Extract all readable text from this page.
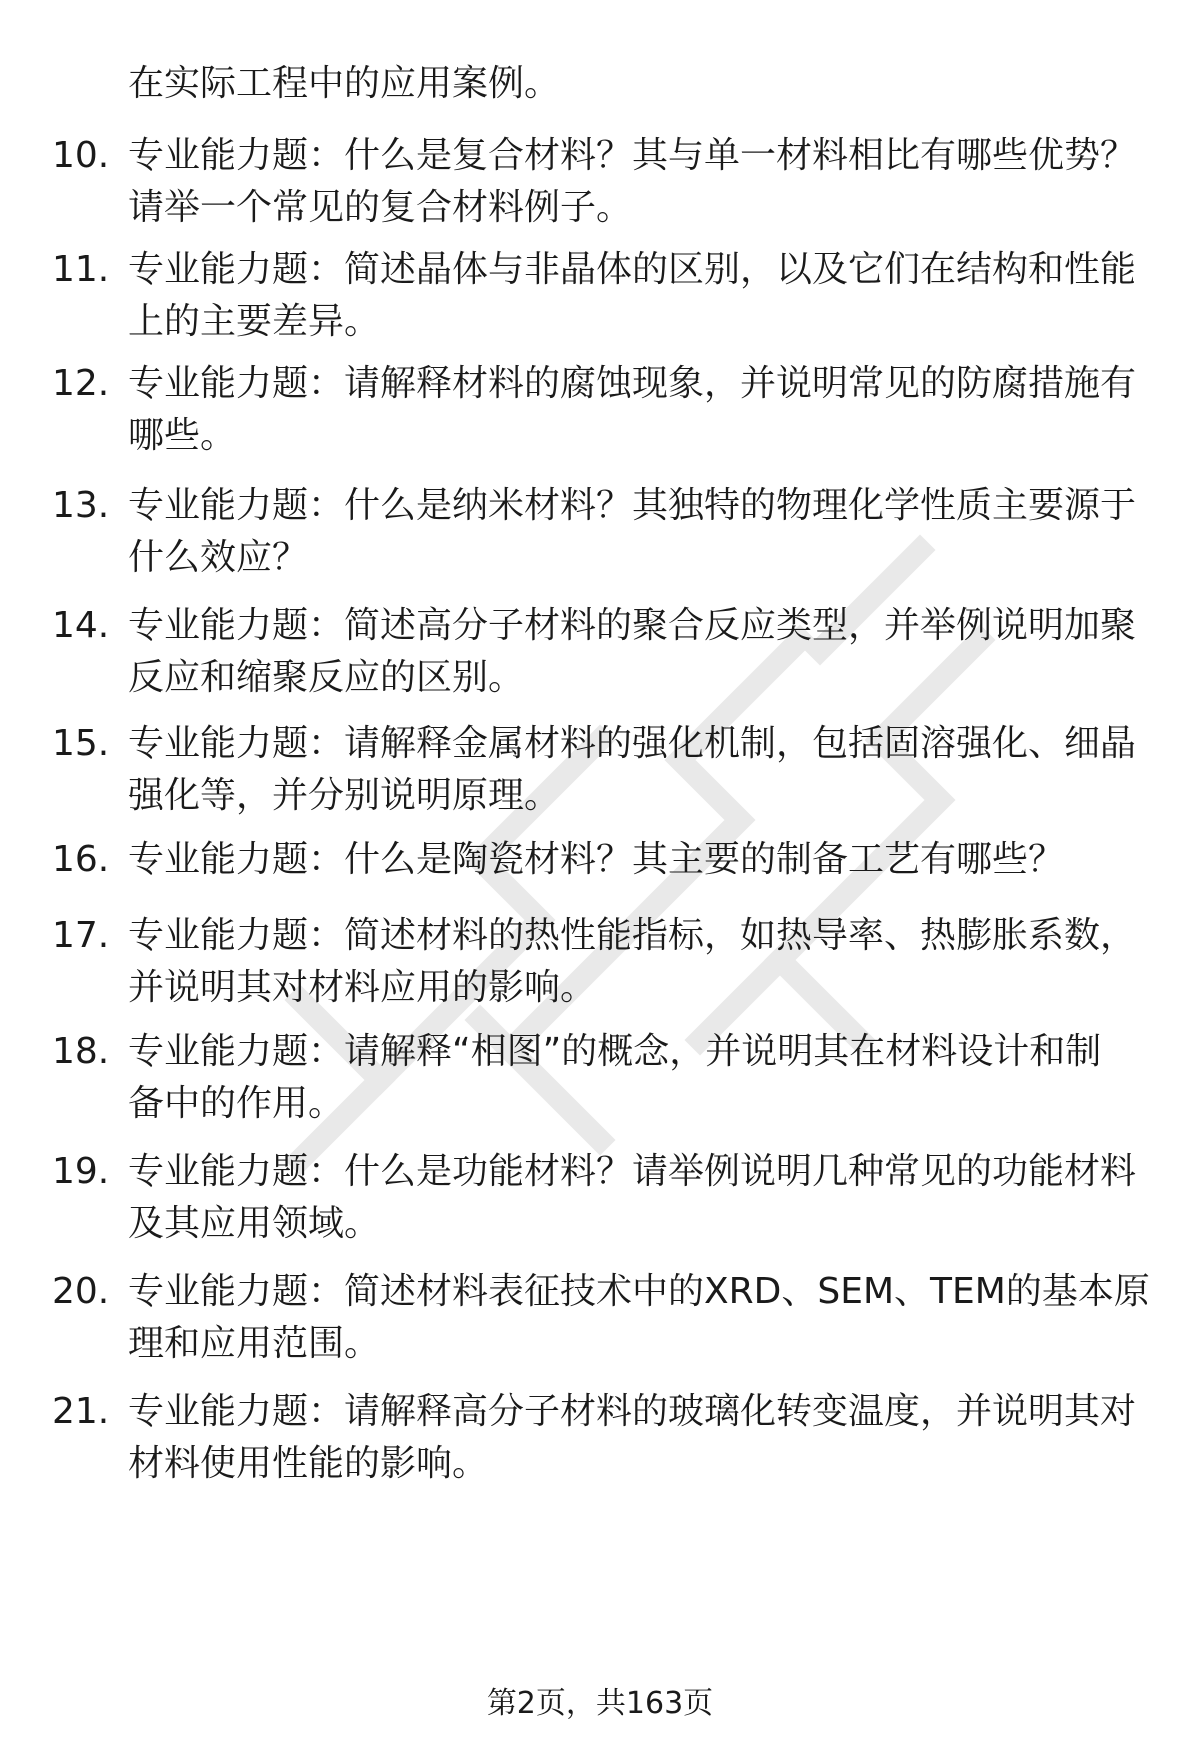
在实际工程中的应用案例。
10. 专业能力题：什么是复合材料？其与单一材料相比有哪些优势？
请举一个常见的复合材料例子。
11. 专业能力题：简述晶体与非晶体的区别，以及它们在结构和性能
上的主要差异。
12. 专业能力题：请解释材料的腐蚀现象，并说明常见的防腐措施有
哪些。
13. 专业能力题：什么是纳米材料？其独特的物理化学性质主要源于
什么效应？
14. 专业能力题：简述高分子材料的聚合反应类型，并举例说明加聚
反应和缩聚反应的区别。
15. 专业能力题：请解释金属材料的强化机制，包括固溶强化、细晶
强化等，并分别说明原理。
16. 专业能力题：什么是陶瓷材料？其主要的制备工艺有哪些？
17. 专业能力题：简述材料的热性能指标，如热导率、热膨胀系数，
并说明其对材料应用的影响。
18. 专业能力题：请解释“相图”的概念，并说明其在材料设计和制
备中的作用。
19. 专业能力题：什么是功能材料？请举例说明几种常见的功能材料
及其应用领域。
20. 专业能力题：简述材料表征技术中的XRD、SEM、TEM的基本原
理和应用范围。
21. 专业能力题：请解释高分子材料的玻璃化转变温度，并说明其对
材料使用性能的影响。
第2页，共163页
